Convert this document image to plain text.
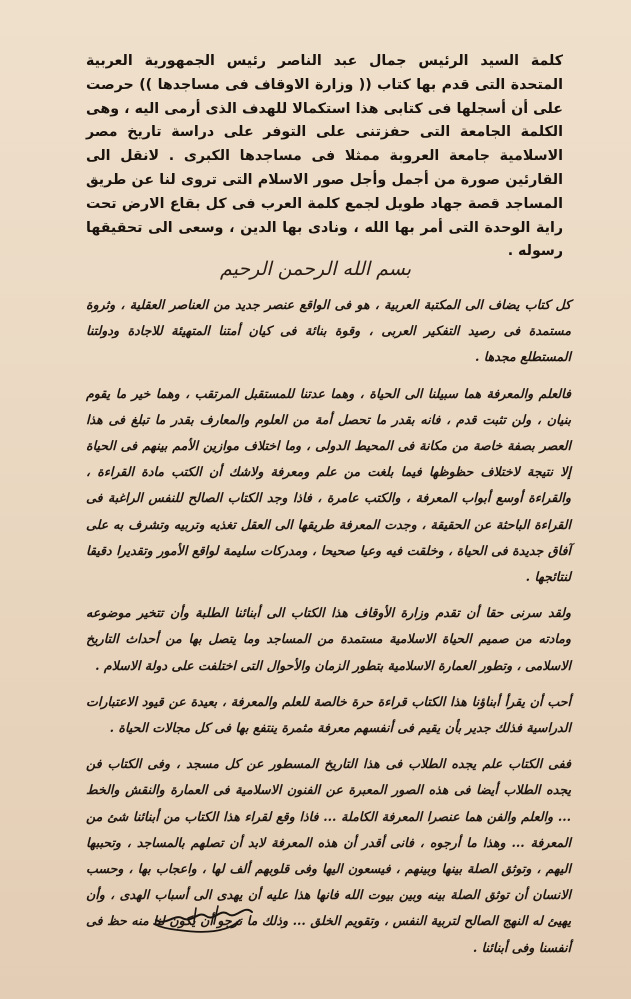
كلمة السيد الرئيس جمال عبد الناصر رئيس الجمهورية العربية المتحدة التى قدم بها كتاب (( وزارة الاوقاف فى مساجدها )) حرصت على أن أسجلها فى كتابى هذا استكمالا للهدف الذى أرمى اليه ، وهى الكلمة الجامعة التى حفزتنى على التوفر على دراسة تاريخ مصر الاسلامية جامعة العروبة ممثلا فى مساجدها الكبرى . لانقل الى القارئين صورة من أجمل وأجل صور الاسلام التى تروى لنا عن طريق المساجد قصة جهاد طويل لجمع كلمة العرب فى كل بقاع الارض تحت راية الوحدة التى أمر بها الله ، ونادى بها الدين ، وسعى الى تحقيقها رسوله .
بسم الله الرحمن الرحيم

كل كتاب يضاف الى المكتبة العربية ، هو فى الواقع عنصر جديد من العناصر العقلية ، وثروة مستمدة فى رصيد التفكير العربى ، وقوة بنائة فى كيان أمتنا المتهيئة للاجادة ودولتنا المستطلع مجدها .

فالعلم والمعرفة هما سبيلنا الى الحياة ، وهما عدتنا للمستقبل المرتقب ، وهما خير ما يقوم بنيان ، ولن تثبت قدم ، فانه بقدر ما تحصل أمة من العلوم والمعارف بقدر ما تبلغ فى هذا العصر بصفة خاصة من مكانة فى المحيط الدولى ، وما اختلاف موازين الأمم بينهم فى الحياة إلا نتيجة لاختلاف حظوظها فيما بلغت من علم ومعرفة ولاشك أن الكتب مادة القراءة ، والقراءة أوسع أبواب المعرفة ، والكتب عامرة ، فاذا وجد الكتاب الصالح للنفس الراغبة فى القراءة الباحثة عن الحقيقة ، وجدت المعرفة طريقها الى العقل تغذيه وتربيه وتشرف به على آفاق جديدة فى الحياة ، وخلقت فيه وعيا صحيحا ، ومدركات سليمة لواقع الأمور وتقديرا دقيقا لنتائجها .

ولقد سرنى حقا أن تقدم وزارة الأوقاف هذا الكتاب الى أبنائنا الطلبة وأن تتخير موضوعه ومادته من صميم الحياة الاسلامية مستمدة من المساجد وما يتصل بها من أحداث التاريخ الاسلامى ، وتطور العمارة الاسلامية بتطور الزمان والأحوال التى اختلفت على دولة الاسلام .

أحب أن يقرأ أبناؤنا هذا الكتاب قراءة حرة خالصة للعلم والمعرفة ، بعيدة عن قيود الاعتبارات الدراسية فذلك جدير بأن يقيم فى أنفسهم معرفة مثمرة ينتفع بها فى كل مجالات الحياة .

ففى الكتاب علم يجده الطلاب فى هذا التاريخ المسطور عن كل مسجد ، وفى الكتاب فن يجده الطلاب أيضا فى هذه الصور المعبرة عن الفنون الاسلامية فى العمارة والنقش والخط ... والعلم والفن هما عنصرا المعرفة الكاملة ... فاذا وقع لقراء هذا الكتاب من أبنائنا شئ من المعرفة ... وهذا ما أرجوه ، فانى أقدر أن هذه المعرفة لابد أن تصلهم بالمساجد ، وتحببها اليهم ، وتوثق الصلة بينها وبينهم ، فيسعون اليها وفى قلوبهم ألف لها ، واعجاب بها ، وحسب الانسان أن توثق الصلة بينه وبين بيوت الله فانها هذا عليه أن يهدى الى أسباب الهدى ، وأن يهيئ له النهج الصالح لتربية النفس ، وتقويم الخلق ... وذلك ما نرجو أن يكون لنا منه حظ فى أنفسنا وفى أبنائنا .
